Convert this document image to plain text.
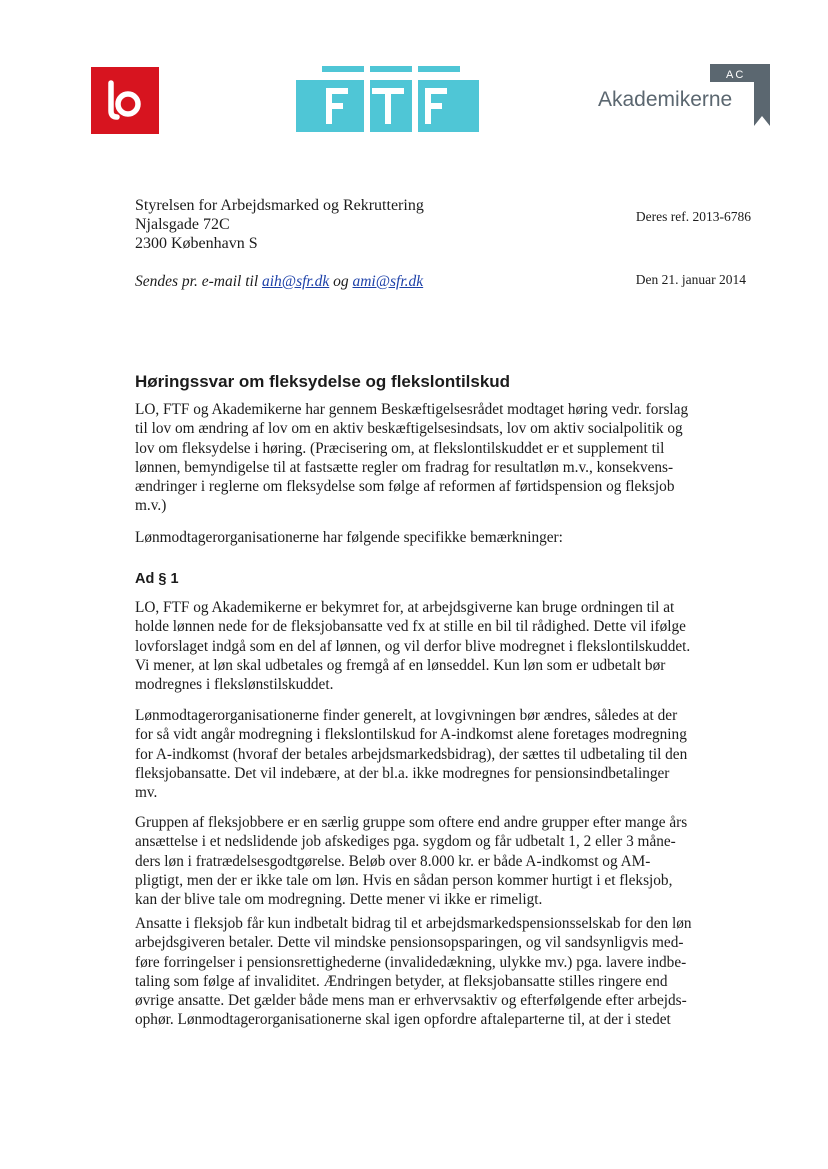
AC
Akademikerne
Styrelsen for Arbejdsmarked og Rekruttering
Njalsgade 72C
2300 København S
Deres ref. 2013-6786
Sendes pr. e-mail til aih@sfr.dk og ami@sfr.dk	Den 21. januar 2014
Høringssvar om fleksydelse og flekslontilskud

LO, FTF og Akademikerne har gennem Beskæftigelsesrådet modtaget høring vedr. forslag

til lov om ændring af lov om en aktiv beskæftigelsesindsats, lov om aktiv socialpolitik og

lov om fleksydelse i høring. (Præcisering om, at flekslontilskuddet er et supplement til

lønnen, bemyndigelse til at fastsætte regler om fradrag for resultatløn m.v., konsekvens-

ændringer i reglerne om fleksydelse som følge af reformen af førtidspension og fleksjob

m.v.)

Lønmodtagerorganisationerne har følgende specifikke bemærkninger:

Ad § 1

LO, FTF og Akademikerne er bekymret for, at arbejdsgiverne kan bruge ordningen til at

holde lønnen nede for de fleksjobansatte ved fx at stille en bil til rådighed. Dette vil ifølge

lovforslaget indgå som en del af lønnen, og vil derfor blive modregnet i flekslontilskuddet.

Vi mener, at løn skal udbetales og fremgå af en lønseddel. Kun løn som er udbetalt bør

modregnes i flekslønstilskuddet.

Lønmodtagerorganisationerne finder generelt, at lovgivningen bør ændres, således at der

for så vidt angår modregning i flekslontilskud for A-indkomst alene foretages modregning

for A-indkomst (hvoraf der betales arbejdsmarkedsbidrag), der sættes til udbetaling til den

fleksjobansatte. Det vil indebære, at der bl.a. ikke modregnes for pensionsindbetalinger

mv.

Gruppen af fleksjobbere er en særlig gruppe som oftere end andre grupper efter mange års

ansættelse i et nedslidende job afskediges pga. sygdom og får udbetalt 1, 2 eller 3 måne-

ders løn i fratrædelsesgodtgørelse. Beløb over 8.000 kr. er både A-indkomst og AM-

pligtigt, men der er ikke tale om løn. Hvis en sådan person kommer hurtigt i et fleksjob,

kan der blive tale om modregning. Dette mener vi ikke er rimeligt.

Ansatte i fleksjob får kun indbetalt bidrag til et arbejdsmarkedspensionsselskab for den løn

arbejdsgiveren betaler. Dette vil mindske pensionsopsparingen, og vil sandsynligvis med-

føre forringelser i pensionsrettighederne (invalidedækning, ulykke mv.) pga. lavere indbe-

taling som følge af invaliditet. Ændringen betyder, at fleksjobansatte stilles ringere end

øvrige ansatte. Det gælder både mens man er erhvervsaktiv og efterfølgende efter arbejds-

ophør. Lønmodtagerorganisationerne skal igen opfordre aftaleparterne til, at der i stedet
